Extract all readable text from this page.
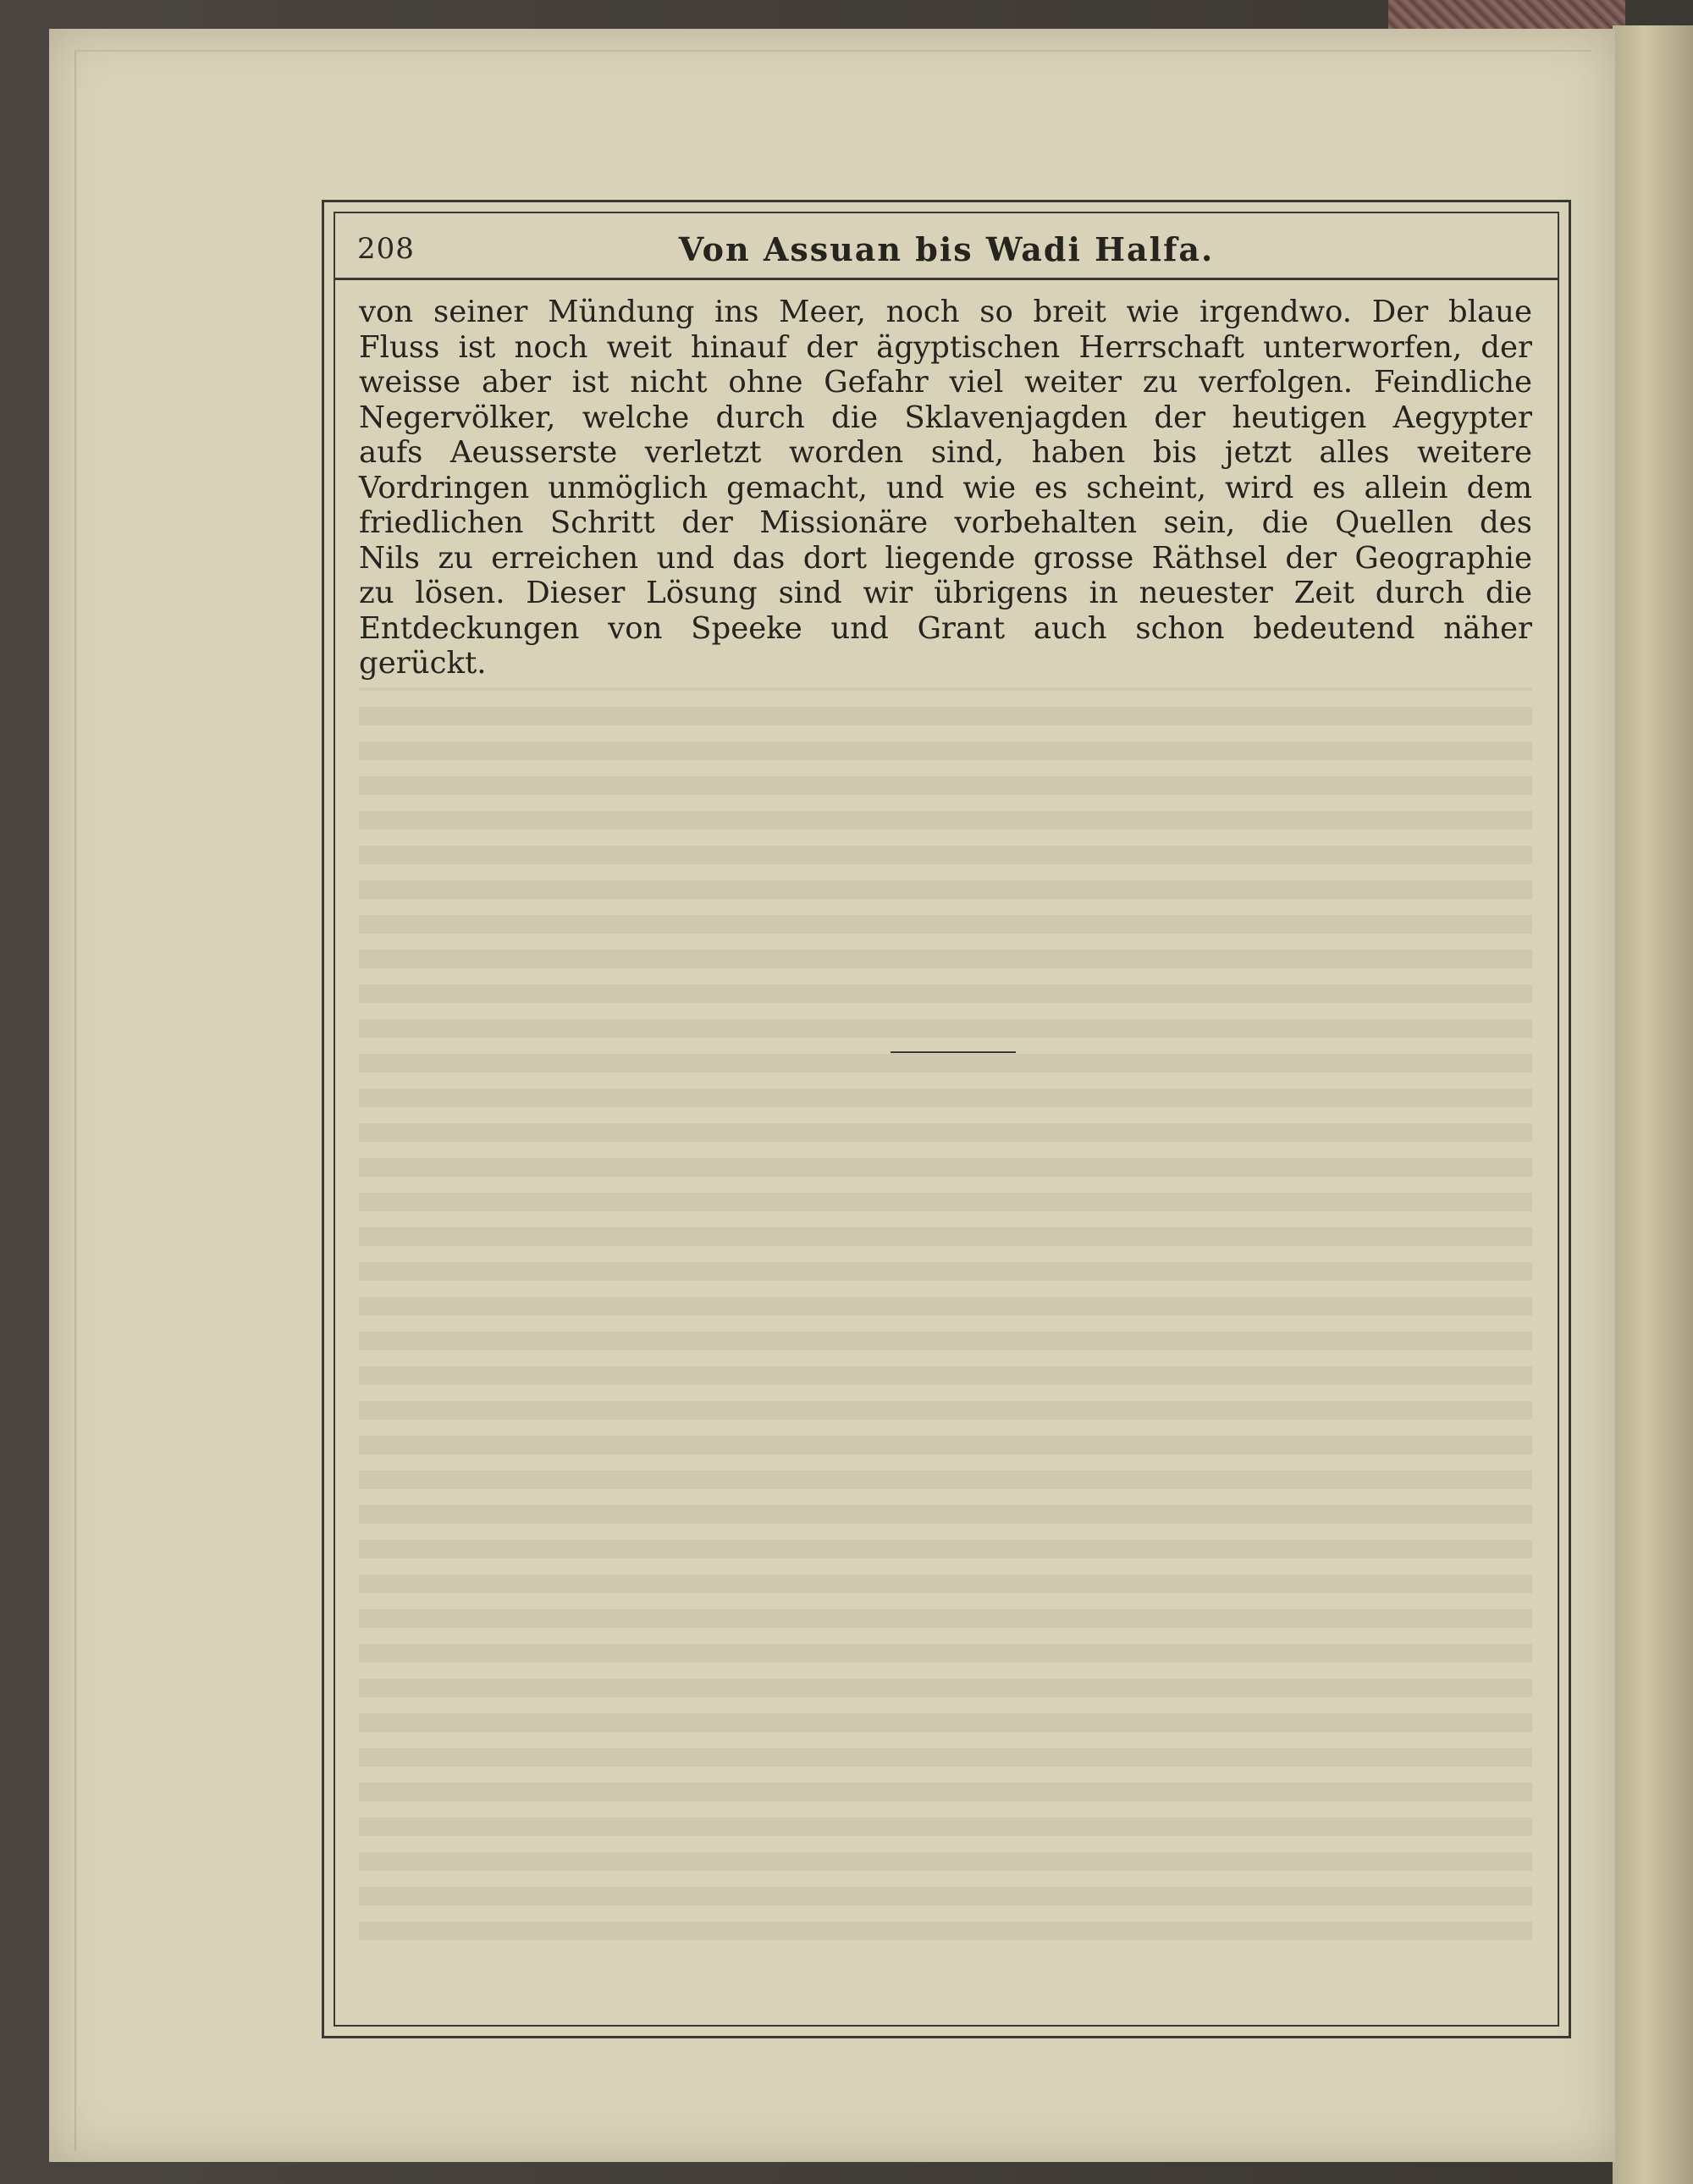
208	Von Assuan bis Wadi Halfa.
von seiner Mündung ins Meer, noch so breit wie irgendwo. Der blaue
Fluss ist noch weit hinauf der ägyptischen Herrschaft unterworfen, der
weisse aber ist nicht ohne Gefahr viel weiter zu verfolgen. Feindliche
Negervölker, welche durch die Sklavenjagden der heutigen Aegypter
aufs Aeusserste verletzt worden sind, haben bis jetzt alles weitere
Vordringen unmöglich gemacht, und wie es scheint, wird es allein dem
friedlichen Schritt der Missionäre vorbehalten sein, die Quellen des
Nils zu erreichen und das dort liegende grosse Räthsel der Geographie
zu lösen. Dieser Lösung sind wir übrigens in neuester Zeit durch die
Entdeckungen von Speeke und Grant auch schon bedeutend näher
gerückt.
